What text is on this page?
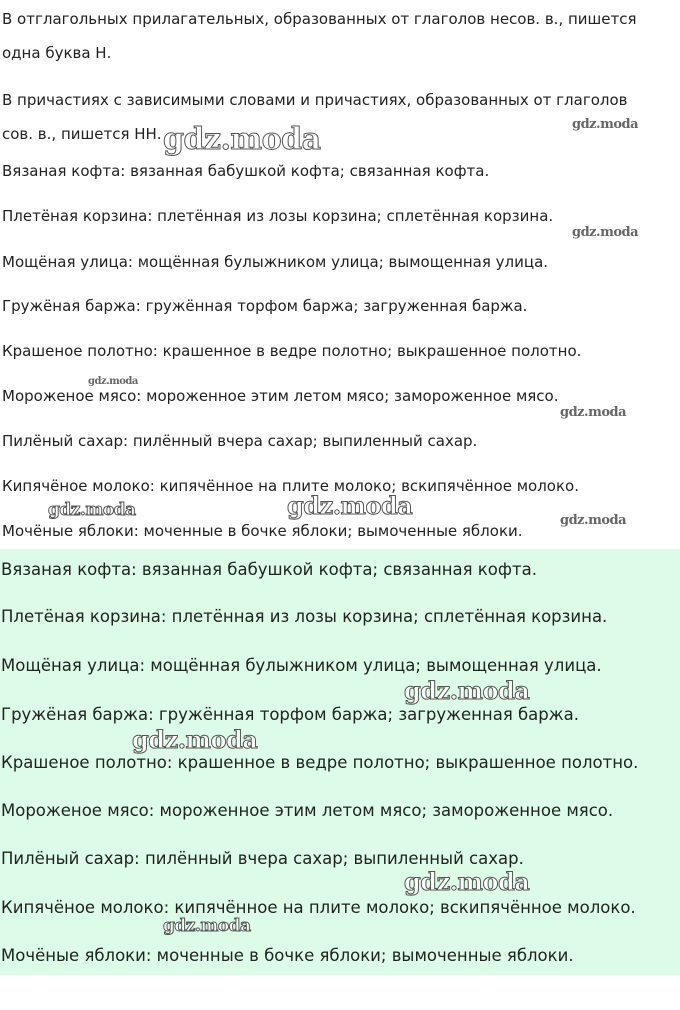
В отглагольных прилагательных, образованных от глаголов несов. в., пишется

одна буква Н.

В причастиях с зависимыми словами и причастиях, образованных от глаголов

сов. в., пишется НН.

Вязаная кофта: вязанная бабушкой кофта; связанная кофта.

Плетёная корзина: плетённая из лозы корзина; сплетённая корзина.

Мощёная улица: мощённая булыжником улица; вымощенная улица.

Гружёная баржа: гружённая торфом баржа; загруженная баржа.

Крашеное полотно: крашенное в ведре полотно; выкрашенное полотно.

Мороженое мясо: мороженное этим летом мясо; замороженное мясо.

Пилёный сахар: пилённый вчера сахар; выпиленный сахар.

Кипячёное молоко: кипячённое на плите молоко; вскипячённое молоко.

Мочёные яблоки: моченные в бочке яблоки; вымоченные яблоки.

Вязаная кофта: вязанная бабушкой кофта; связанная кофта.
Плетёная корзина: плетённая из лозы корзина; сплетённая корзина.
Мощёная улица: мощённая булыжником улица; вымощенная улица.
Гружёная баржа: гружённая торфом баржа; загруженная баржа.
Крашеное полотно: крашенное в ведре полотно; выкрашенное полотно.
Мороженое мясо: мороженное этим летом мясо; замороженное мясо.
Пилёный сахар: пилённый вчера сахар; выпиленный сахар.
Кипячёное молоко: кипячённое на плите молоко; вскипячённое молоко.
Мочёные яблоки: моченные в бочке яблоки; вымоченные яблоки.
gdz.moda	gdz.moda
gdz.moda
gdz.moda
gdz.moda
gdz.moda
gdz.moda
gdz.moda
gdz.moda
gdz.moda
gdz.moda
gdz.moda
